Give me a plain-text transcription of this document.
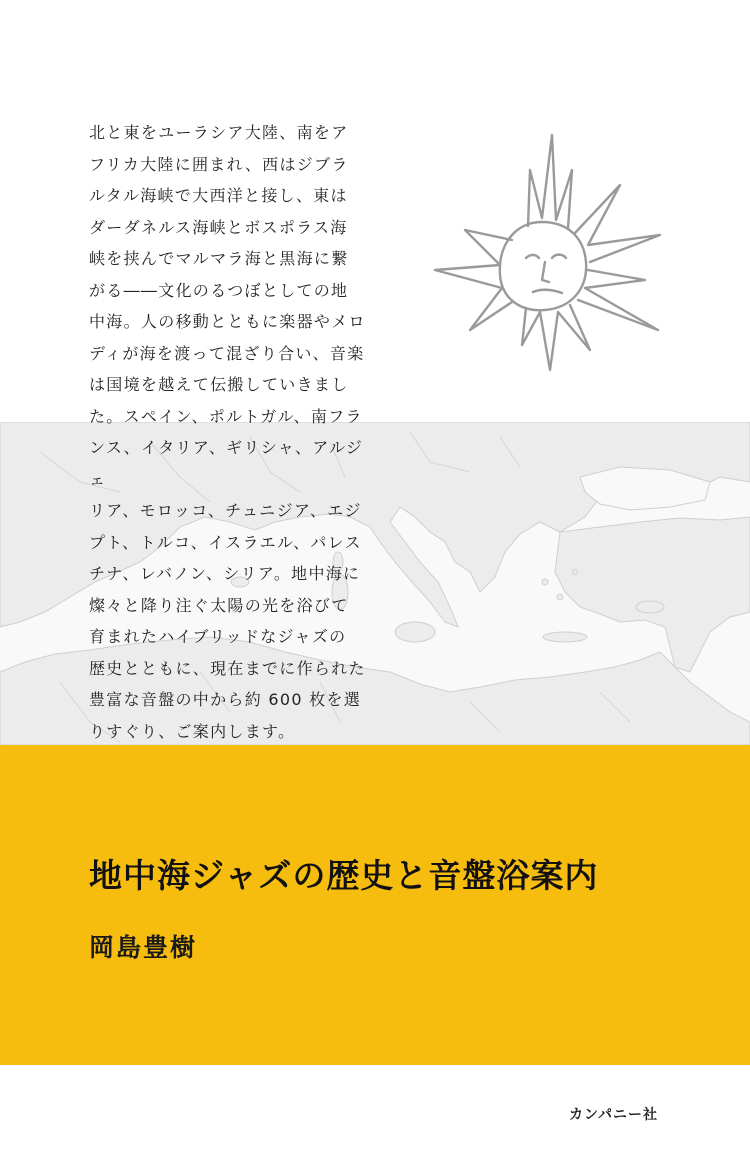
北と東をユーラシア大陸、南をア
フリカ大陸に囲まれ、西はジブラ
ルタル海峡で大西洋と接し、東は
ダーダネルス海峡とボスポラス海
峡を挟んでマルマラ海と黒海に繋
がる――文化のるつぼとしての地
中海。人の移動とともに楽器やメロ
ディが海を渡って混ざり合い、音楽
は国境を越えて伝搬していきまし
た。スペイン、ポルトガル、南フラ
ンス、イタリア、ギリシャ、アルジェ
リア、モロッコ、チュニジア、エジ
プト、トルコ、イスラエル、パレス
チナ、レバノン、シリア。地中海に
燦々と降り注ぐ太陽の光を浴びて
育まれたハイブリッドなジャズの
歴史とともに、現在までに作られた
豊富な音盤の中から約 600 枚を選
りすぐり、ご案内します。

地中海ジャズの歴史と音盤浴案内

岡島豊樹

カンパニー社
